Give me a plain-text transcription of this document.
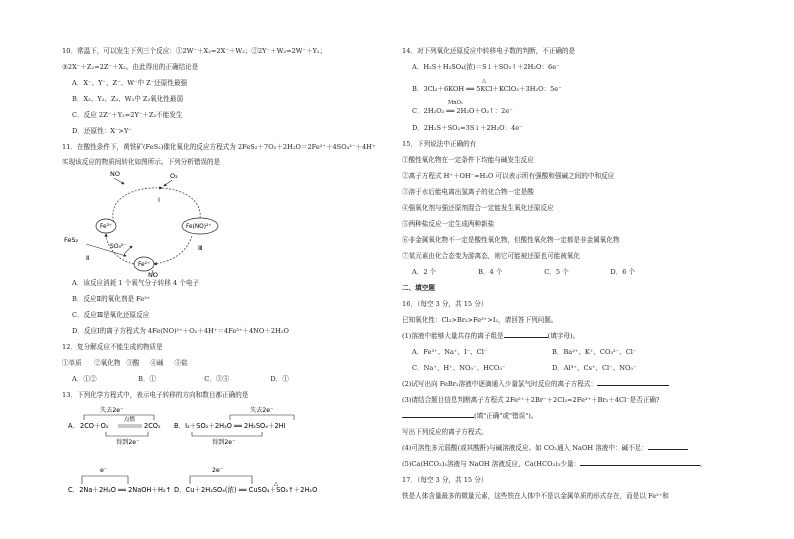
10．常温下，可以发生下列三个反应：①2W⁻＋X₂=2X⁻＋W₂；②2Y⁻＋W₂=2W⁻＋Y₂；
③2X⁻＋Z₂=2Z⁻＋X₂。由此得出的正确结论是
A．X⁻、Y⁻、Z⁻、W⁻中 Z⁻还原性最强
B．X₂、Y₂、Z₂、W₂中 Z₂氧化性最弱
C．反应 2Z⁻＋Y₂=2Y⁻＋Z₂不能发生
D．还原性：X⁻>Y⁻
11．在酸性条件下，黄铁矿(FeS₂)催化氧化的反应方程式为 2FeS₂＋7O₂＋2H₂O＝2Fe²⁺＋4SO₄²⁻＋4H⁺
实现该反应的物质间转化如图所示。下列分析错误的是
NO	O₂
Ⅰ
Fe³⁺	Fe(NO)²⁺
Ⅲ
FeS₂
SO₄²⁻
Ⅱ
Fe²⁺
NO
A．该反应消耗 1 个氧气分子转移 4 个电子
B．反应Ⅱ的氧化剂是 Fe³⁺
C．反应Ⅲ是氧化还原反应
D．反应Ⅰ的离子方程式为 4Fe(NO)²⁺＋O₂＋4H⁺＝4Fe³⁺＋4NO＋2H₂O
12．复分解反应不能生成的物质是
①单质 ②氧化物 ③酸 ④碱 ⑤盐
A．①②	B．①	C．③⑤	D．①
13．下列化学方程式中，表示电子转移的方向和数目都正确的是
失去2e⁻
A． 2CO＋O₂
点燃
2CO₂
得到2e⁻
失去2e⁻
B．I₂＋SO₂＋2H₂O ══ 2H₂SO₄＋2HI
得到2e⁻
e⁻
C．2Na＋2H₂O ══ 2NaOH＋H₂↑
2e⁻
△
D．Cu＋2H₂SO₄(浓) ══ CuSO₄＋SO₂↑＋2H₂O
14．对下列氧化还原反应中转移电子数的判断，不正确的是
A．H₂S＋H₂SO₄(浓)＝S↓＋SO₂↑＋2H₂O：6e⁻
△
B．3Cl₂＋6KOH ══ 5KCl＋KClO₃＋3H₂O：5e⁻
MnO₂
C．2H₂O₂ ══ 2H₂O＋O₂↑：2e⁻
D．2H₂S＋SO₂=3S↓＋2H₂O：4e⁻
15．下列说法中正确的有
①酸性氧化物在一定条件下均能与碱发生反应
②离子方程式 H⁺＋OH⁻=H₂O 可以表示所有强酸和强碱之间的中和反应
③溶于水后能电离出氢离子的化合物一定是酸
④强氧化剂与强还原剂混合一定能发生氧化还原反应
⑤两种盐反应一定生成两种新盐
⑥非金属氧化物不一定是酸性氧化物，但酸性氧化物一定都是非金属氧化物
⑦某元素由化合态变为游离态，则它可能被还原也可能被氧化
A．2 个	B．4 个	C．5 个	D．6 个
二、填空题
16．（每空 3 分，共 15 分）
已知氧化性：Cl₂>Br₂>Fe³⁺>I₂，请回答下列问题。
(1)溶液中能够大量共存的离子组是	(填字母)。
A．Fe³⁺、Na⁺、I⁻、Cl⁻	B．Ba²⁺、K⁺、CO₃²⁻、Cl⁻
C．Na⁺、H⁺、NO₃⁻、HCO₃⁻	D．Al³⁺、Cs⁺、Cl⁻、NO₃⁻
(2)试写出向 FeBr₂溶液中逐滴通入少量氯气时反应的离子方程式：
(3)请结合题目信息判断离子方程式 2Fe²⁺＋2Br⁻＋2Cl₂=2Fe³⁺＋Br₂＋4Cl⁻是否正确?
(填"正确"或"错误")。
写出下列反应的离子方程式。
(4)可溶性多元弱酸(或其酸酐)与碱溶液反应。如 CO₂通入 NaOH 溶液中：碱不足：
(5)Ca(HCO₃)₂溶液与 NaOH 溶液反应，Ca(HCO₃)₂少量：	。
17．（每空 3 分，共 15 分）
铁是人体含量最多的微量元素，这些铁在人体中不是以金属单质的形式存在，而是以 Fe²⁺和
